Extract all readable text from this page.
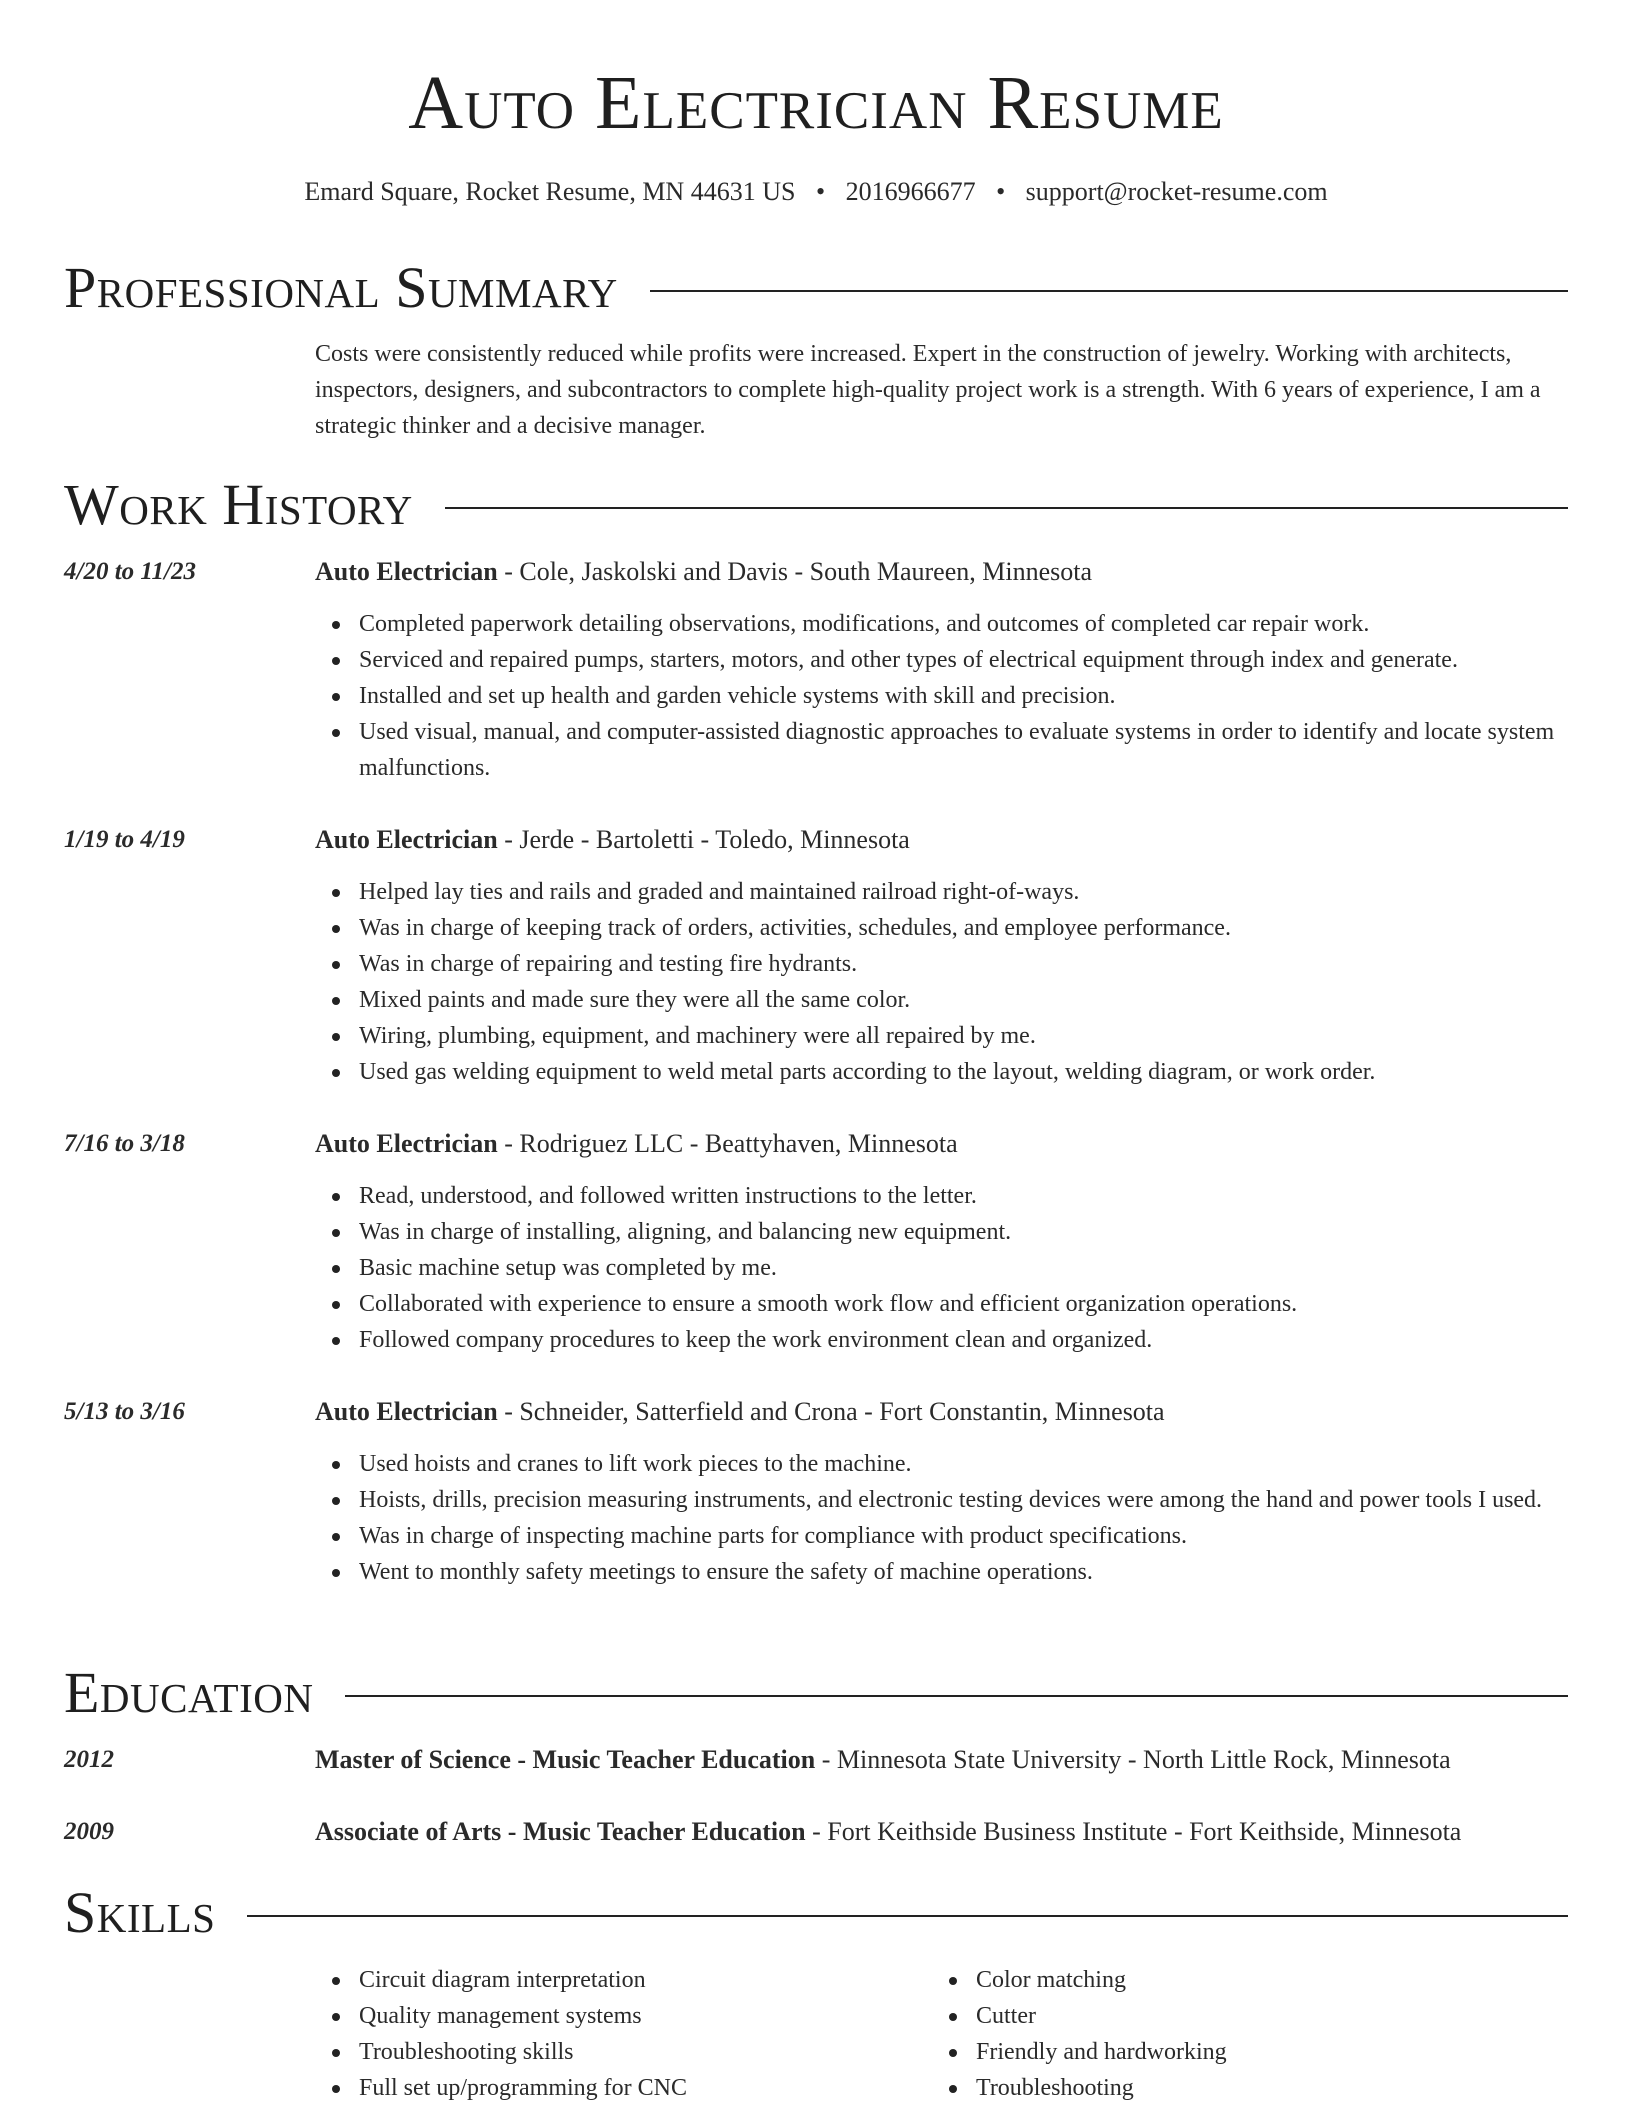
Auto Electrician Resume
Emard Square, Rocket Resume, MN 44631 US • 2016966677 • support@rocket-resume.com
Professional Summary

Costs were consistently reduced while profits were increased. Expert in the construction of jewelry. Working with architects, inspectors, designers, and subcontractors to complete high-quality project work is a strength. With 6 years of experience, I am a strategic thinker and a decisive manager.

Work History
4/20 to 11/23	Auto Electrician - Cole, Jaskolski and Davis - South Maureen, Minnesota
Completed paperwork detailing observations, modifications, and outcomes of completed car repair work.
Serviced and repaired pumps, starters, motors, and other types of electrical equipment through index and generate.
Installed and set up health and garden vehicle systems with skill and precision.
Used visual, manual, and computer-assisted diagnostic approaches to evaluate systems in order to identify and locate system malfunctions.
1/19 to 4/19	Auto Electrician - Jerde - Bartoletti - Toledo, Minnesota
Helped lay ties and rails and graded and maintained railroad right-of-ways.
Was in charge of keeping track of orders, activities, schedules, and employee performance.
Was in charge of repairing and testing fire hydrants.
Mixed paints and made sure they were all the same color.
Wiring, plumbing, equipment, and machinery were all repaired by me.
Used gas welding equipment to weld metal parts according to the layout, welding diagram, or work order.
7/16 to 3/18	Auto Electrician - Rodriguez LLC - Beattyhaven, Minnesota
Read, understood, and followed written instructions to the letter.
Was in charge of installing, aligning, and balancing new equipment.
Basic machine setup was completed by me.
Collaborated with experience to ensure a smooth work flow and efficient organization operations.
Followed company procedures to keep the work environment clean and organized.
5/13 to 3/16	Auto Electrician - Schneider, Satterfield and Crona - Fort Constantin, Minnesota
Used hoists and cranes to lift work pieces to the machine.
Hoists, drills, precision measuring instruments, and electronic testing devices were among the hand and power tools I used.
Was in charge of inspecting machine parts for compliance with product specifications.
Went to monthly safety meetings to ensure the safety of machine operations.
Education
2012	Master of Science - Music Teacher Education - Minnesota State University - North Little Rock, Minnesota
2009	Associate of Arts - Music Teacher Education - Fort Keithside Business Institute - Fort Keithside, Minnesota
Skills
Circuit diagram interpretation
Quality management systems
Troubleshooting skills
Full set up/programming for CNC
Color matching
Cutter
Friendly and hardworking
Troubleshooting
